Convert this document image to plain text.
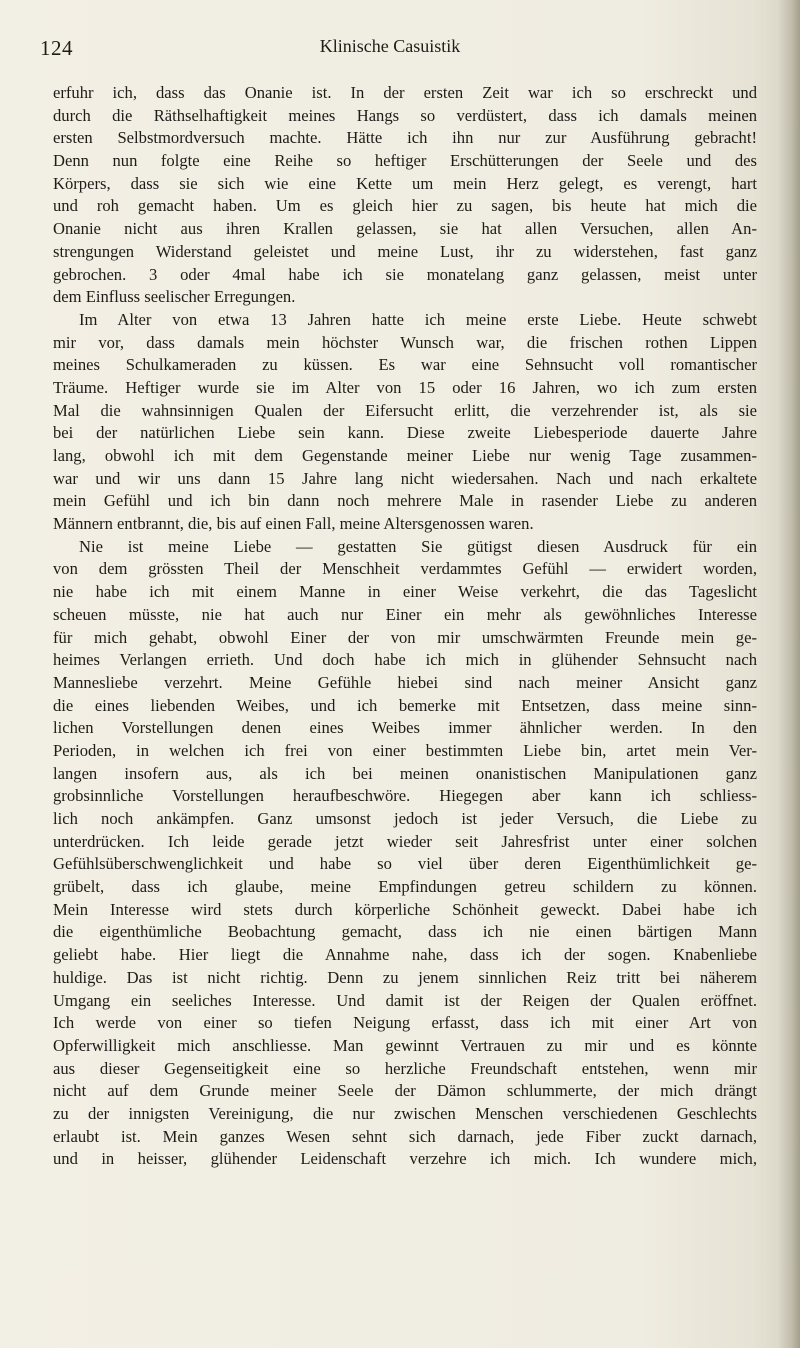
Klinische Casuistik
124
erfuhr ich, dass das Onanie ist. In der ersten Zeit war ich so erschreckt und
durch die Räthselhaftigkeit meines Hangs so verdüstert, dass ich damals meinen
ersten Selbstmordversuch machte. Hätte ich ihn nur zur Ausführung gebracht!
Denn nun folgte eine Reihe so heftiger Erschütterungen der Seele und des
Körpers, dass sie sich wie eine Kette um mein Herz gelegt, es verengt, hart
und roh gemacht haben. Um es gleich hier zu sagen, bis heute hat mich die
Onanie nicht aus ihren Krallen gelassen, sie hat allen Versuchen, allen An-
strengungen Widerstand geleistet und meine Lust, ihr zu widerstehen, fast ganz
gebrochen. 3 oder 4mal habe ich sie monatelang ganz gelassen, meist unter
dem Einfluss seelischer Erregungen.
Im Alter von etwa 13 Jahren hatte ich meine erste Liebe. Heute schwebt
mir vor, dass damals mein höchster Wunsch war, die frischen rothen Lippen
meines Schulkameraden zu küssen. Es war eine Sehnsucht voll romantischer
Träume. Heftiger wurde sie im Alter von 15 oder 16 Jahren, wo ich zum ersten
Mal die wahnsinnigen Qualen der Eifersucht erlitt, die verzehrender ist, als sie
bei der natürlichen Liebe sein kann. Diese zweite Liebesperiode dauerte Jahre
lang, obwohl ich mit dem Gegenstande meiner Liebe nur wenig Tage zusammen-
war und wir uns dann 15 Jahre lang nicht wiedersahen. Nach und nach erkaltete
mein Gefühl und ich bin dann noch mehrere Male in rasender Liebe zu anderen
Männern entbrannt, die, bis auf einen Fall, meine Altersgenossen waren.
Nie ist meine Liebe — gestatten Sie gütigst diesen Ausdruck für ein
von dem grössten Theil der Menschheit verdammtes Gefühl — erwidert worden,
nie habe ich mit einem Manne in einer Weise verkehrt, die das Tageslicht
scheuen müsste, nie hat auch nur Einer ein mehr als gewöhnliches Interesse
für mich gehabt, obwohl Einer der von mir umschwärmten Freunde mein ge-
heimes Verlangen errieth. Und doch habe ich mich in glühender Sehnsucht nach
Mannesliebe verzehrt. Meine Gefühle hiebei sind nach meiner Ansicht ganz
die eines liebenden Weibes, und ich bemerke mit Entsetzen, dass meine sinn-
lichen Vorstellungen denen eines Weibes immer ähnlicher werden. In den
Perioden, in welchen ich frei von einer bestimmten Liebe bin, artet mein Ver-
langen insofern aus, als ich bei meinen onanistischen Manipulationen ganz
grobsinnliche Vorstellungen heraufbeschwöre. Hiegegen aber kann ich schliess-
lich noch ankämpfen. Ganz umsonst jedoch ist jeder Versuch, die Liebe zu
unterdrücken. Ich leide gerade jetzt wieder seit Jahresfrist unter einer solchen
Gefühlsüberschwenglichkeit und habe so viel über deren Eigenthümlichkeit ge-
grübelt, dass ich glaube, meine Empfindungen getreu schildern zu können.
Mein Interesse wird stets durch körperliche Schönheit geweckt. Dabei habe ich
die eigenthümliche Beobachtung gemacht, dass ich nie einen bärtigen Mann
geliebt habe. Hier liegt die Annahme nahe, dass ich der sogen. Knabenliebe
huldige. Das ist nicht richtig. Denn zu jenem sinnlichen Reiz tritt bei näherem
Umgang ein seeliches Interesse. Und damit ist der Reigen der Qualen eröffnet.
Ich werde von einer so tiefen Neigung erfasst, dass ich mit einer Art von
Opferwilligkeit mich anschliesse. Man gewinnt Vertrauen zu mir und es könnte
aus dieser Gegenseitigkeit eine so herzliche Freundschaft entstehen, wenn mir
nicht auf dem Grunde meiner Seele der Dämon schlummerte, der mich drängt
zu der innigsten Vereinigung, die nur zwischen Menschen verschiedenen Geschlechts
erlaubt ist. Mein ganzes Wesen sehnt sich darnach, jede Fiber zuckt darnach,
und in heisser, glühender Leidenschaft verzehre ich mich. Ich wundere mich,
